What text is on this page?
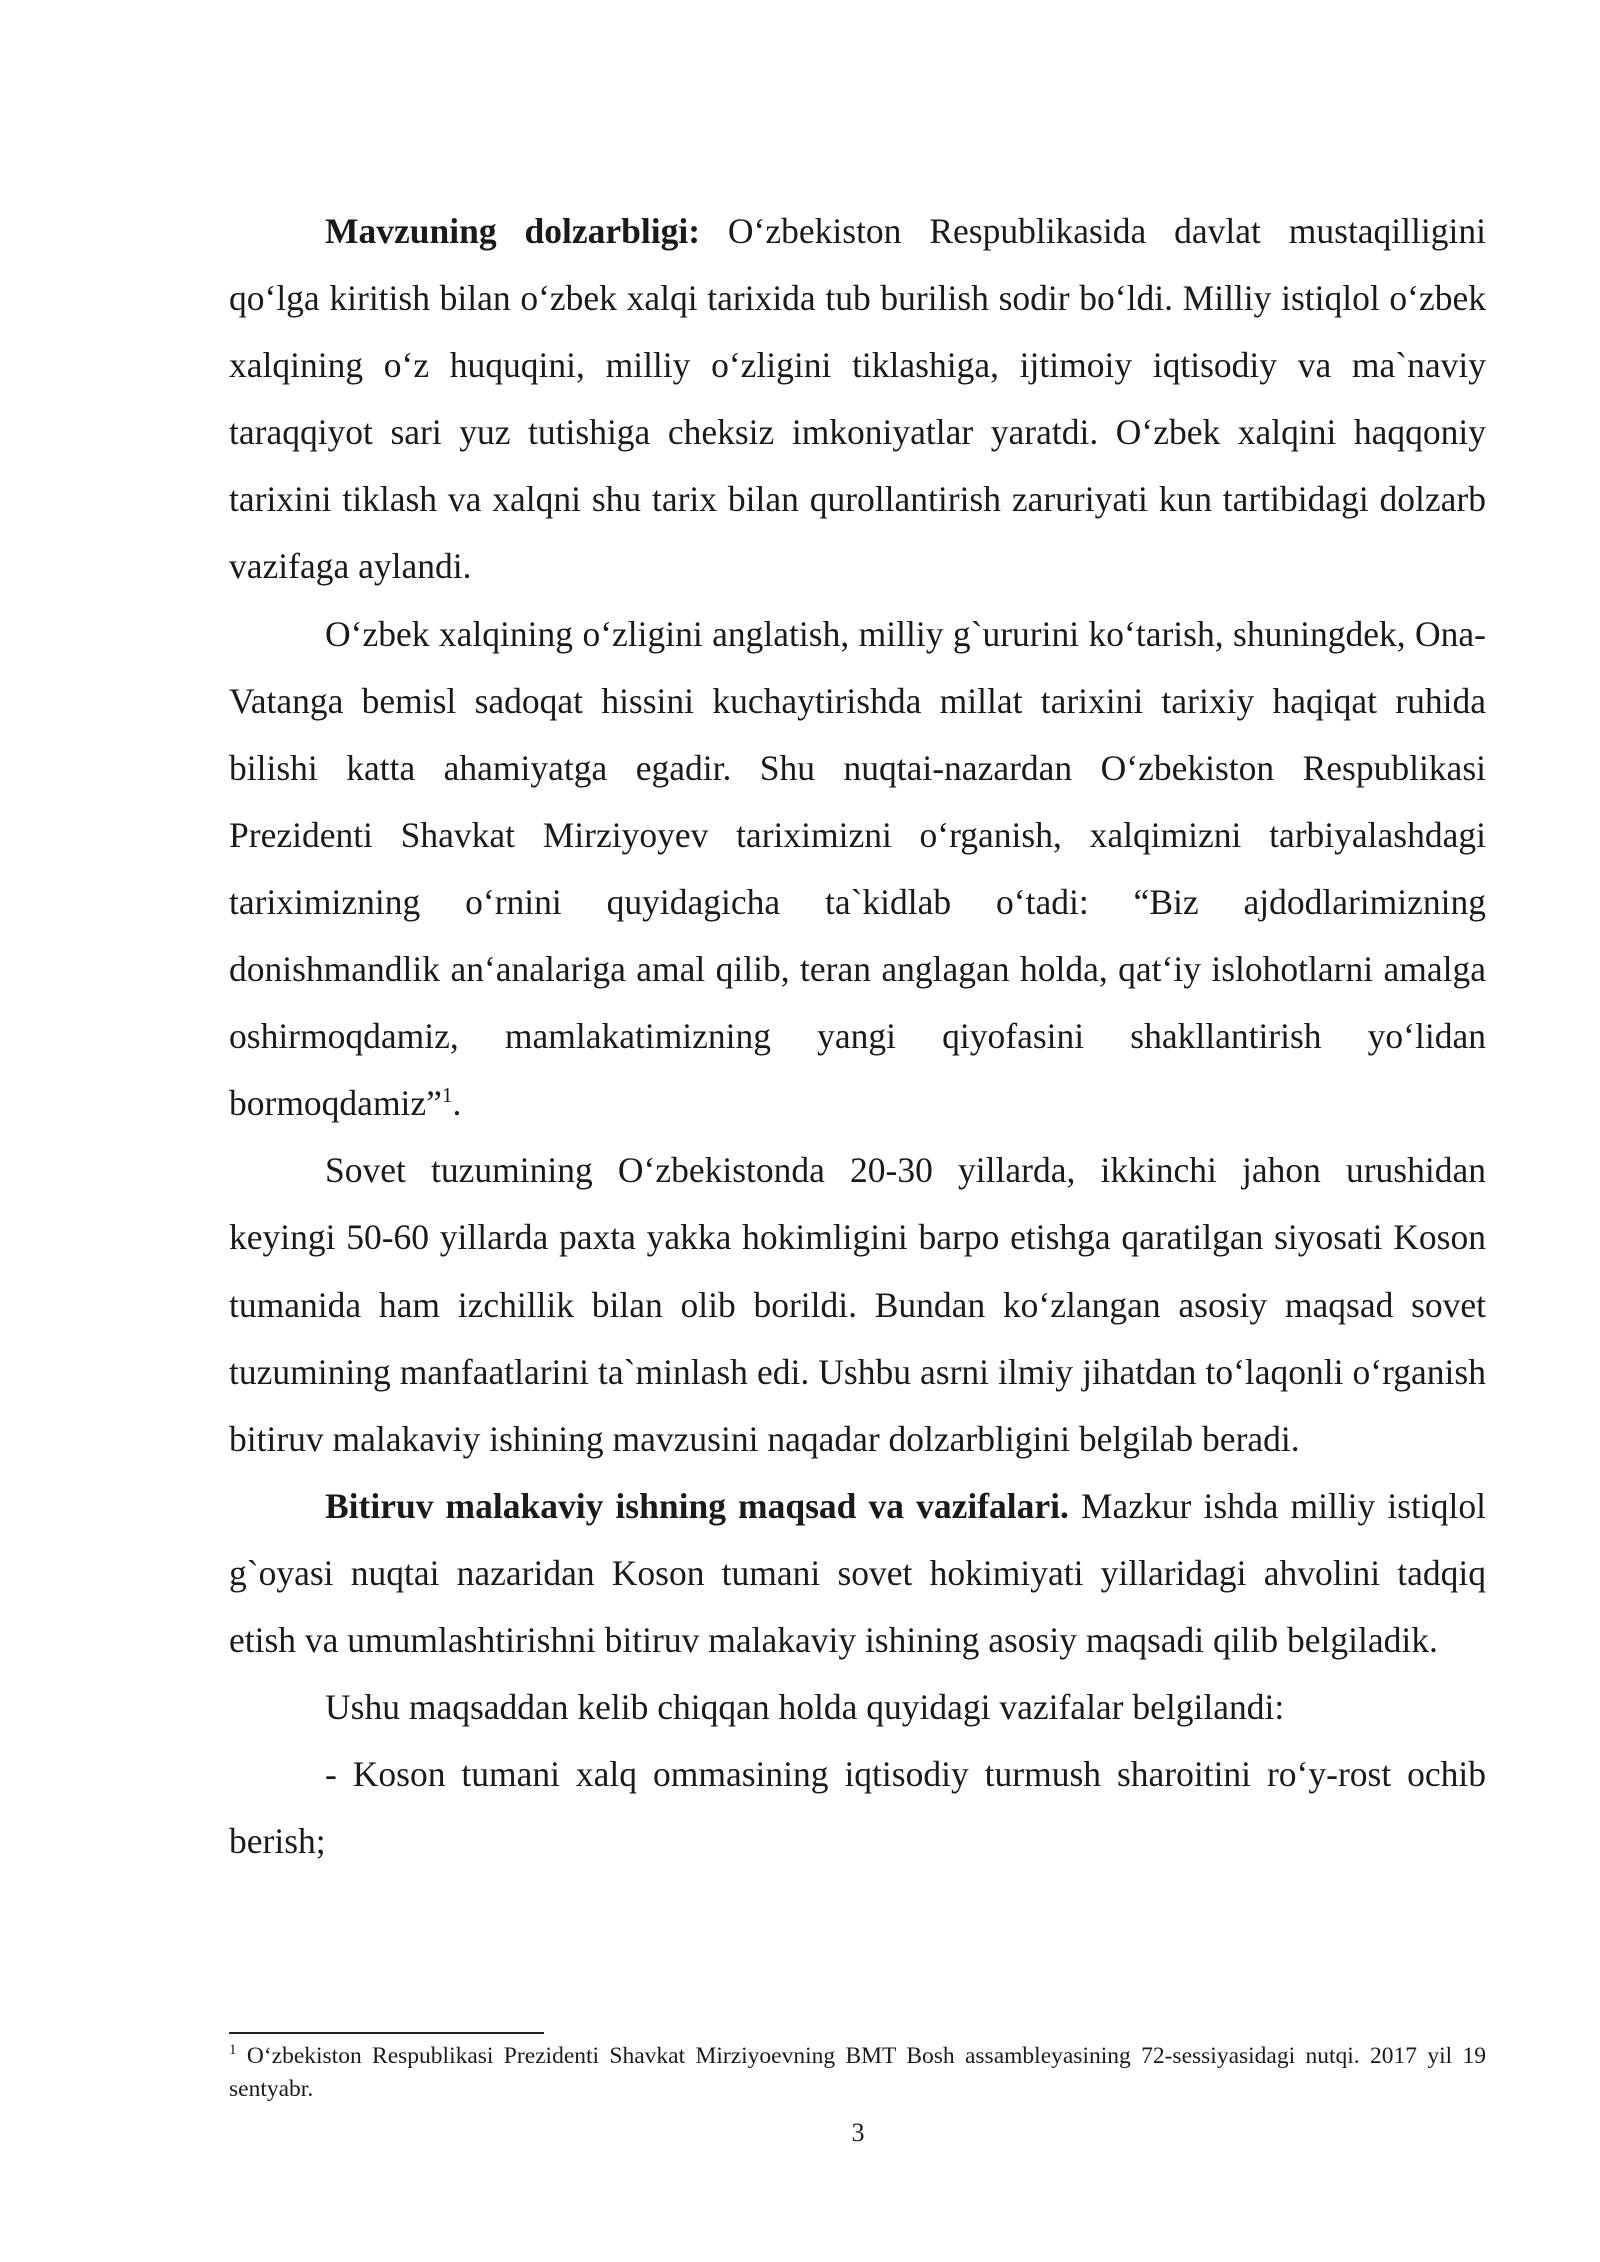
Mavzuning dolzarbligi: O‘zbekiston Respublikasida davlat mustaqilligini qo‘lga kiritish bilan o‘zbek xalqi tarixida tub burilish sodir bo‘ldi. Milliy istiqlol o‘zbek xalqining o‘z huquqini, milliy o‘zligini tiklashiga, ijtimoiy iqtisodiy va ma`naviy taraqqiyot sari yuz tutishiga cheksiz imkoniyatlar yaratdi. O‘zbek xalqini haqqoniy tarixini tiklash va xalqni shu tarix bilan qurollantirish zaruriyati kun tartibidagi dolzarb vazifaga aylandi.

O‘zbek xalqining o‘zligini anglatish, milliy g`ururini ko‘tarish, shuningdek, Ona-Vatanga bemisl sadoqat hissini kuchaytirishda millat tarixini tarixiy haqiqat ruhida bilishi katta ahamiyatga egadir. Shu nuqtai-nazardan O‘zbekiston Respublikasi Prezidenti Shavkat Mirziyoyev tariximizni o‘rganish, xalqimizni tarbiyalashdagi tariximizning o‘rnini quyidagicha ta`kidlab o‘tadi: “Biz ajdodlarimizning donishmandlik an‘analariga amal qilib, teran anglagan holda, qat‘iy islohotlarni amalga oshirmoqdamiz, mamlakatimizning yangi qiyofasini shakllantirish yo‘lidan bormoqdamiz”$^1$.

Sovet tuzumining O‘zbekistonda 20-30 yillarda, ikkinchi jahon urushidan keyingi 50-60 yillarda paxta yakka hokimligini barpo etishga qaratilgan siyosati Koson tumanida ham izchillik bilan olib borildi. Bundan ko‘zlangan asosiy maqsad sovet tuzumining manfaatlarini ta`minlash edi. Ushbu asrni ilmiy jihatdan to‘laqonli o‘rganish bitiruv malakaviy ishining mavzusini naqadar dolzarbligini belgilab beradi.

Bitiruv malakaviy ishning maqsad va vazifalari. Mazkur ishda milliy istiqlol g`oyasi nuqtai nazaridan Koson tumani sovet hokimiyati yillaridagi ahvolini tadqiq etish va umumlashtirishni bitiruv malakaviy ishining asosiy maqsadi qilib belgiladik.

Ushu maqsaddan kelib chiqqan holda quyidagi vazifalar belgilandi:

- Koson tumani xalq ommasining iqtisodiy turmush sharoitini ro‘y-rost ochib berish;

$^1$ O‘zbekiston Respublikasi Prezidenti Shavkat Mirziyoevning BMT Bosh assambleyasining 72-sessiyasidagi nutqi. 2017 yil 19 sentyabr.
3
